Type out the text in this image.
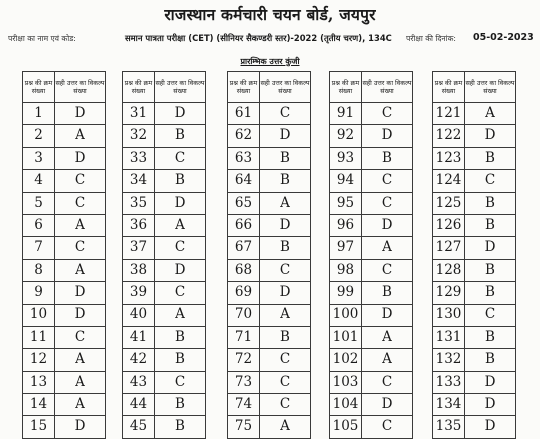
राजस्थान कर्मचारी चयन बोर्ड, जयपुर
परीक्षा का नाम एवं कोड:	समान पात्रता परीक्षा (CET) (सीनियर सैकण्डरी स्तर)-2022 (तृतीय चरण), 134C परीक्षा की दिनांक: 05-02-2023
प्रारम्भिक उत्तर कुंजी
प्रश्न की क्रम संख्या	सही उत्तर का विकल्प संख्या
1	D
2	A
3	D
4	C
5	C
6	A
7	C
8	A
9	D
10	D
11	C
12	A
13	A
14	A
15	D
प्रश्न की क्रम संख्या	सही उत्तर का विकल्प संख्या
31	D
32	B
33	C
34	B
35	D
36	A
37	C
38	D
39	C
40	A
41	B
42	B
43	C
44	B
45	B
प्रश्न की क्रम संख्या	सही उत्तर का विकल्प संख्या
61	C
62	D
63	B
64	B
65	A
66	D
67	B
68	C
69	D
70	A
71	B
72	C
73	C
74	C
75	A
प्रश्न की क्रम संख्या	सही उत्तर का विकल्प संख्या
91	C
92	D
93	B
94	C
95	C
96	D
97	A
98	C
99	B
100	D
101	A
102	A
103	C
104	D
105	C
प्रश्न की क्रम संख्या	सही उत्तर का विकल्प संख्या
121	A
122	D
123	B
124	C
125	B
126	B
127	D
128	B
129	B
130	C
131	B
132	B
133	D
134	D
135	D
